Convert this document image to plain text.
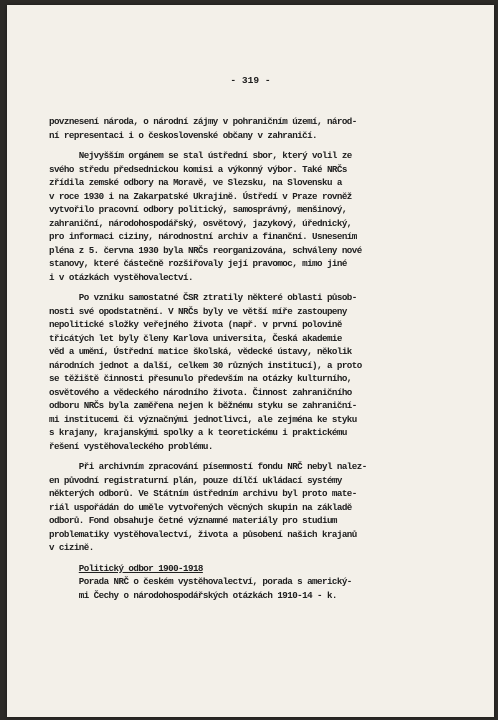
- 319 -
povznesení národa, o národní zájmy v pohraničním území, národ-
ní representaci i o československé občany v zahraničí.
Nejvyšším orgánem se stal ústřední sbor, který volil ze
svého středu předsednickou komisi a výkonný výbor. Také NRČs
zřídila zemské odbory na Moravě, ve Slezsku, na Slovensku a
v roce 1930 i na Zakarpatské Ukrajině. Ústředí v Praze rovněž
vytvořilo pracovní odbory politický, samosprávný, menšinový,
zahraniční, národohospodářský, osvětový, jazykový, úřednický,
pro informaci ciziny, národnostní archiv a finanční. Usnesením
pléna z 5. června 1930 byla NRČs reorganizována, schváleny nové
stanovy, které částečně rozšiřovaly její pravomoc, mimo jiné
i v otázkách vystěhovalectví.
Po vzniku samostatné ČSR ztratily některé oblasti působ-
nosti své opodstatnění. V NRČs byly ve větší míře zastoupeny
nepolitické složky veřejného života (např. v první polovině
třicátých let byly členy Karlova universita, Česká akademie
věd a umění, Ústřední matice školská, vědecké ústavy, několik
národních jednot a další, celkem 30 různých institucí), a proto
se těžiště činnosti přesunulo především na otázky kulturního,
osvětového a vědeckého národního života. Činnost zahraničního
odboru NRČs byla zaměřena nejen k běžnému styku se zahraniční-
mi institucemi či význačnými jednotlivci, ale zejména ke styku
s krajany, krajanskými spolky a k teoretickému i praktickému
řešení vystěhovaleckého problému.
Při archivním zpracování písemností fondu NRČ nebyl nalez-
en původní registraturní plán, pouze dílčí ukládací systémy
některých odborů. Ve Státním ústředním archivu byl proto mate-
riál uspořádán do uměle vytvořených věcných skupin na základě
odborů. Fond obsahuje četné významné materiály pro studium
problematiky vystěhovalectví, života a působení našich krajanů
v cizině.
Politický odbor 1900-1918
Porada NRČ o českém vystěhovalectví, porada s americký-
mi Čechy o národohospodářských otázkách 1910-14 - k.
